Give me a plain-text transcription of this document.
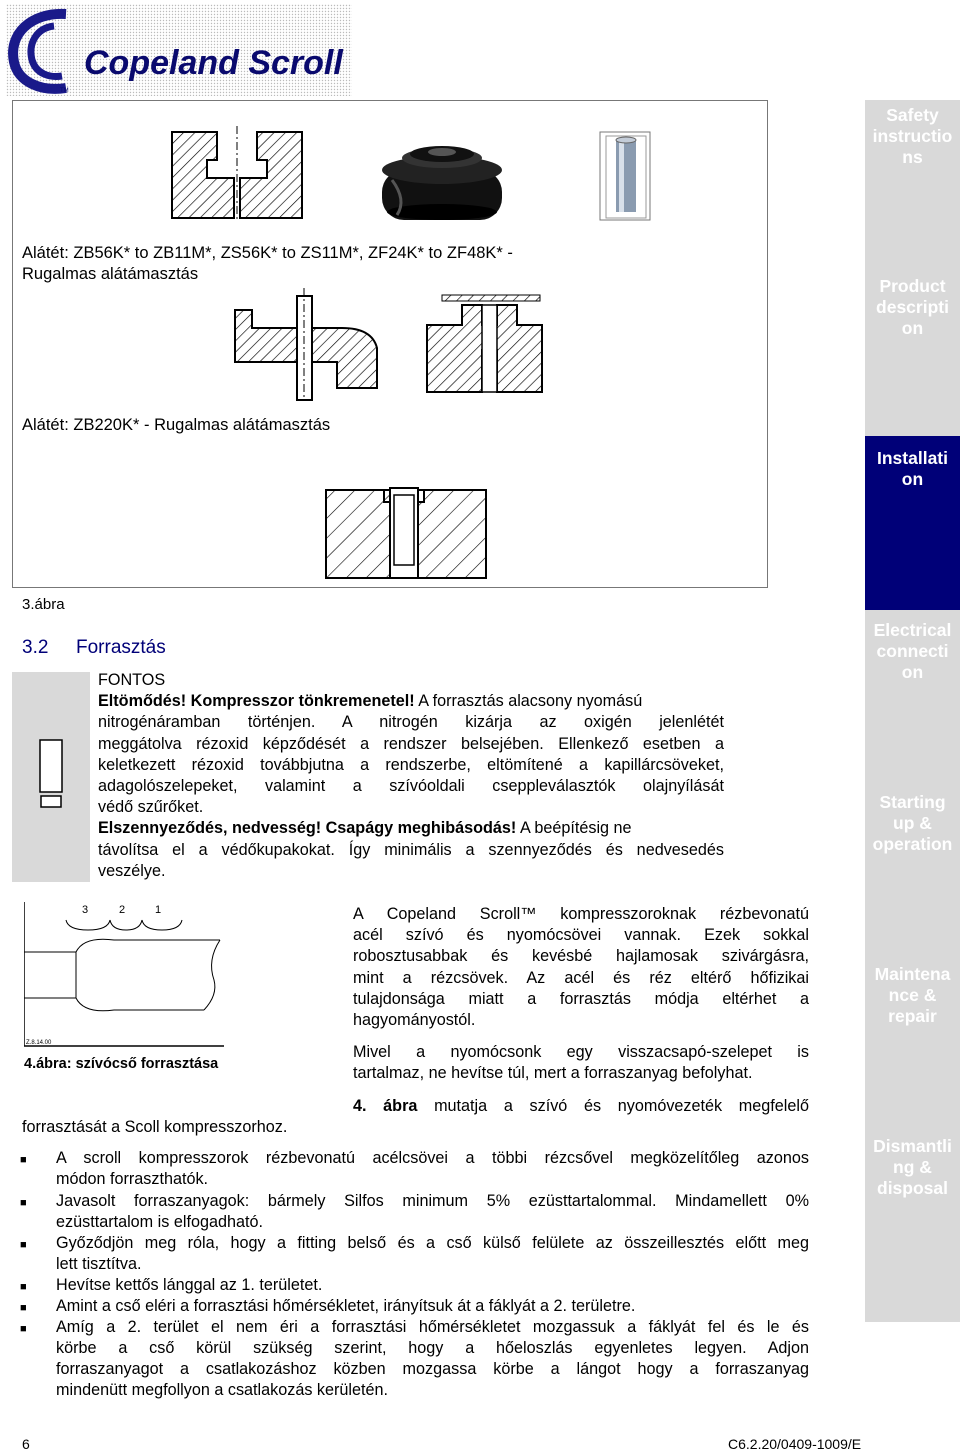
Copeland Scroll
TM
Safety
instructio
ns
Product
descripti
on
Installati
on
Electrical
connecti
on
Starting
up &
operation
Maintena
nce &
repair
Dismantli
ng &
disposal
Alátét: ZB56K* to ZB11M*, ZS56K* to ZS11M*, ZF24K* to ZF48K* -
Rugalmas alátámasztás
Alátét: ZB220K* - Rugalmas alátámasztás
3.ábra
3.2 Forrasztás
FONTOS
Eltömődés! Kompresszor tönkremenetel! A forrasztás alacsony nyomású
nitrogénáramban történjen. A nitrogén kizárja az oxigén jelenlétét
meggátolva rézoxid képződését a rendszer belsejében. Ellenkező esetben a
keletkezett rézoxid továbbjutna a rendszerbe, eltömítené a kapillárcsöveket,
adagolószelepeket, valamint a szívóoldali cseppleválasztók olajnyílását
védő szűrőket.
Elszennyeződés, nedvesség! Csapágy meghibásodás! A beépítésig ne
távolítsa el a védőkupakokat. Így minimális a szennyeződés és nedvesedés
veszélye.
3	2	1
Z.8.14.00
4.ábra: szívócső forrasztása
A Copeland Scroll™ kompresszoroknak rézbevonatú
acél szívó és nyomócsövei vannak. Ezek sokkal
robosztusabbak és kevésbé hajlamosak szivárgásra,
mint a rézcsövek. Az acél és réz eltérő hőfizikai
tulajdonsága miatt a forrasztás módja eltérhet a
hagyományostól.
Mivel a nyomócsonk egy visszacsapó-szelepet is
tartalmaz, ne hevítse túl, mert a forraszanyag befolyhat.
4. ábra mutatja a szívó és nyomóvezeték megfelelő
forrasztását a Scoll kompresszorhoz.
■ A scroll kompresszorok rézbevonatú acélcsövei a többi rézcsővel megközelítőleg azonos
módon forraszthatók.
■ Javasolt forraszanyagok: bármely Silfos minimum 5% ezüsttartalommal. Mindamellett 0%
ezüsttartalom is elfogadható.
■ Győződjön meg róla, hogy a fitting belső és a cső külső felülete az összeillesztés előtt meg
lett tisztítva.
■ Hevítse kettős lánggal az 1. területet.
■ Amint a cső eléri a forrasztási hőmérsékletet, irányítsuk át a fáklyát a 2. területre.
■ Amíg a 2. terület el nem éri a forrasztási hőmérsékletet mozgassuk a fáklyát fel és le és
körbe a cső körül szükség szerint, hogy a hőeloszlás egyenletes legyen. Adjon
forraszanyagot a csatlakozáshoz közben mozgassa körbe a lángot hogy a forraszanyag
mindenütt megfollyon a csatlakozás kerületén.
6	C6.2.20/0409-1009/E
